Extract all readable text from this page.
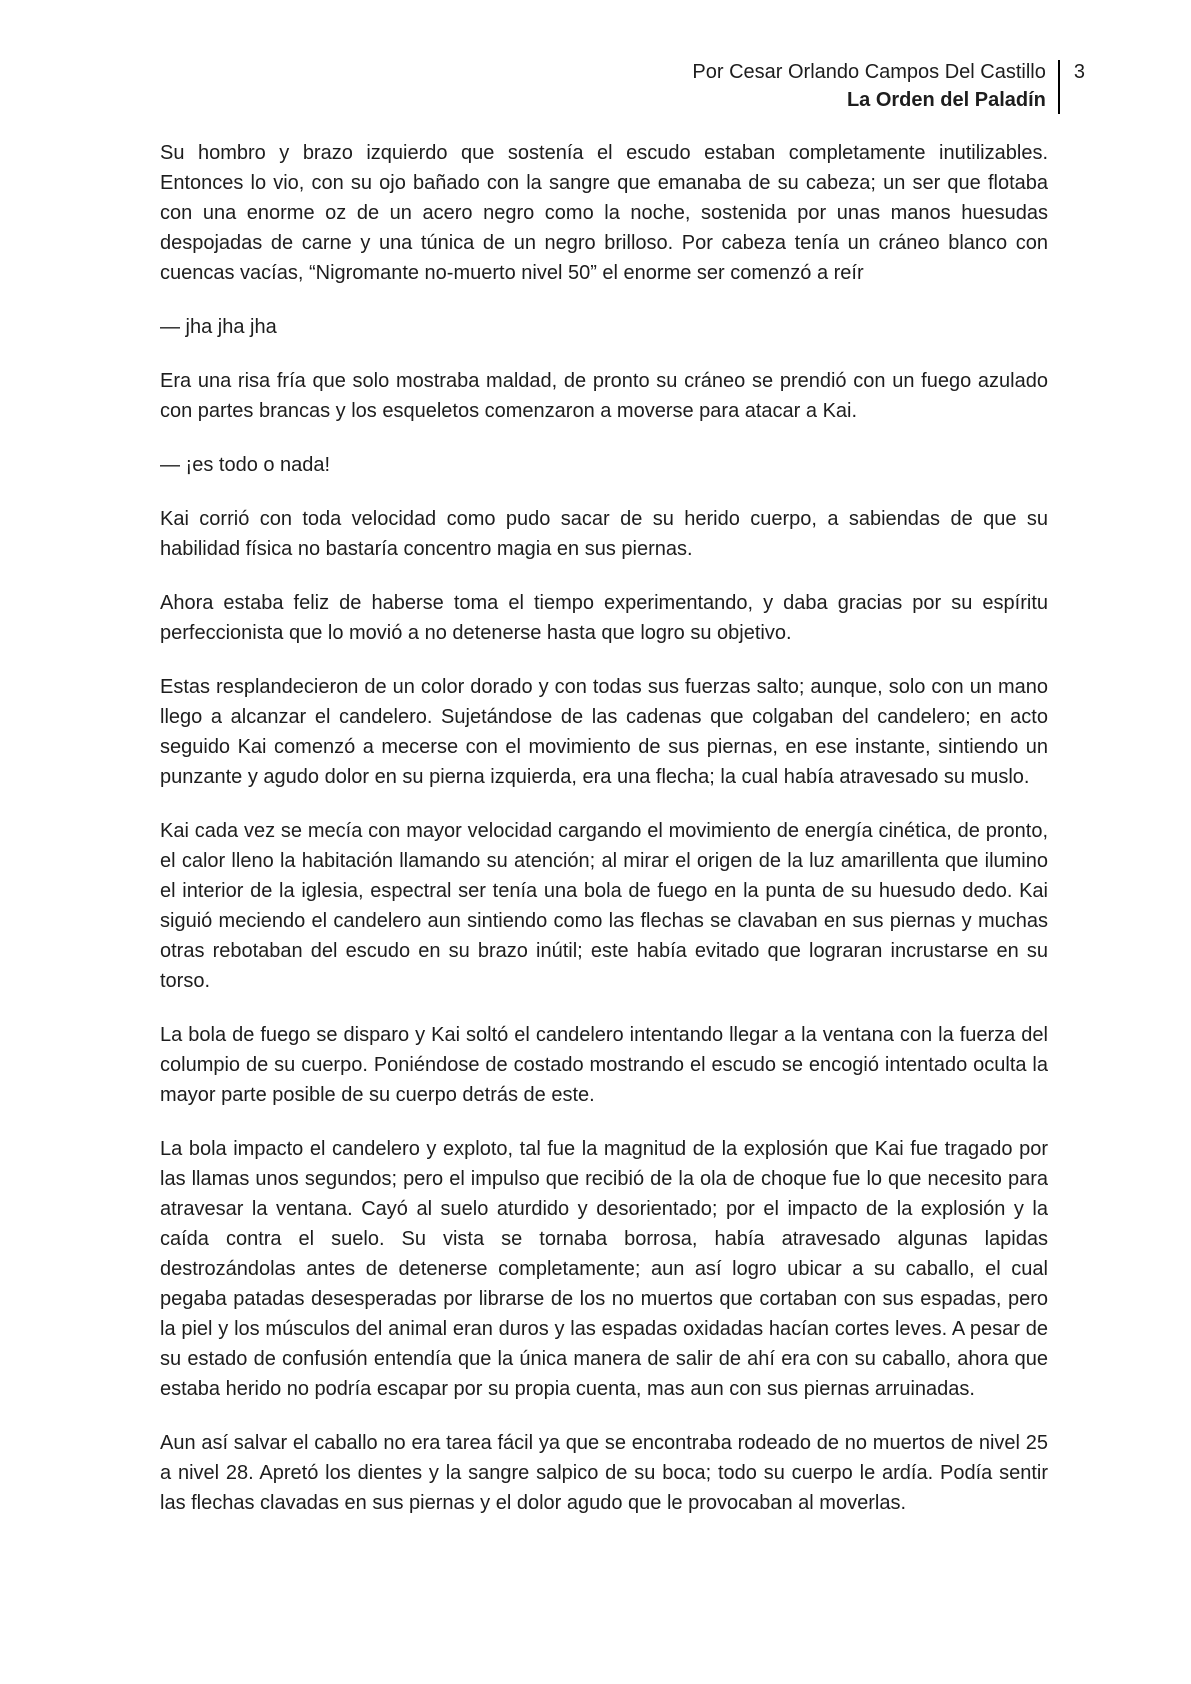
Por Cesar Orlando Campos Del Castillo
La Orden del Paladín
3

Su hombro y brazo izquierdo que sostenía el escudo estaban completamente inutilizables. Entonces lo vio, con su ojo bañado con la sangre que emanaba de su cabeza; un ser que flotaba con una enorme oz de un acero negro como la noche, sostenida por unas manos huesudas despojadas de carne y una túnica de un negro brilloso. Por cabeza tenía un cráneo blanco con cuencas vacías, “Nigromante no-muerto nivel 50” el enorme ser comenzó a reír

— jha jha jha

Era una risa fría que solo mostraba maldad, de pronto su cráneo se prendió con un fuego azulado con partes brancas y los esqueletos comenzaron a moverse para atacar a Kai.

— ¡es todo o nada!

Kai corrió con toda velocidad como pudo sacar de su herido cuerpo, a sabiendas de que su habilidad física no bastaría concentro magia en sus piernas.

Ahora estaba feliz de haberse toma el tiempo experimentando, y daba gracias por su espíritu perfeccionista que lo movió a no detenerse hasta que logro su objetivo.

Estas resplandecieron de un color dorado y con todas sus fuerzas salto; aunque, solo con un mano llego a alcanzar el candelero. Sujetándose de las cadenas que colgaban del candelero; en acto seguido Kai comenzó a mecerse con el movimiento de sus piernas, en ese instante, sintiendo un punzante y agudo dolor en su pierna izquierda, era una flecha; la cual había atravesado su muslo.

Kai cada vez se mecía con mayor velocidad cargando el movimiento de energía cinética, de pronto, el calor lleno la habitación llamando su atención; al mirar el origen de la luz amarillenta que ilumino el interior de la iglesia, espectral ser tenía una bola de fuego en la punta de su huesudo dedo. Kai siguió meciendo el candelero aun sintiendo como las flechas se clavaban en sus piernas y muchas otras rebotaban del escudo en su brazo inútil; este había evitado que lograran incrustarse en su torso.

La bola de fuego se disparo y Kai soltó el candelero intentando llegar a la ventana con la fuerza del columpio de su cuerpo. Poniéndose de costado mostrando el escudo se encogió intentado oculta la mayor parte posible de su cuerpo detrás de este.

La bola impacto el candelero y exploto, tal fue la magnitud de la explosión que Kai fue tragado por las llamas unos segundos; pero el impulso que recibió de la ola de choque fue lo que necesito para atravesar la ventana. Cayó al suelo aturdido y desorientado; por el impacto de la explosión y la caída contra el suelo. Su vista se tornaba borrosa, había atravesado algunas lapidas destrozándolas antes de detenerse completamente; aun así logro ubicar a su caballo, el cual pegaba patadas desesperadas por librarse de los no muertos que cortaban con sus espadas, pero la piel y los músculos del animal eran duros y las espadas oxidadas hacían cortes leves. A pesar de su estado de confusión entendía que la única manera de salir de ahí era con su caballo, ahora que estaba herido no podría escapar por su propia cuenta, mas aun con sus piernas arruinadas.

Aun así salvar el caballo no era tarea fácil ya que se encontraba rodeado de no muertos de nivel 25 a nivel 28. Apretó los dientes y la sangre salpico de su boca; todo su cuerpo le ardía. Podía sentir las flechas clavadas en sus piernas y el dolor agudo que le provocaban al moverlas.
